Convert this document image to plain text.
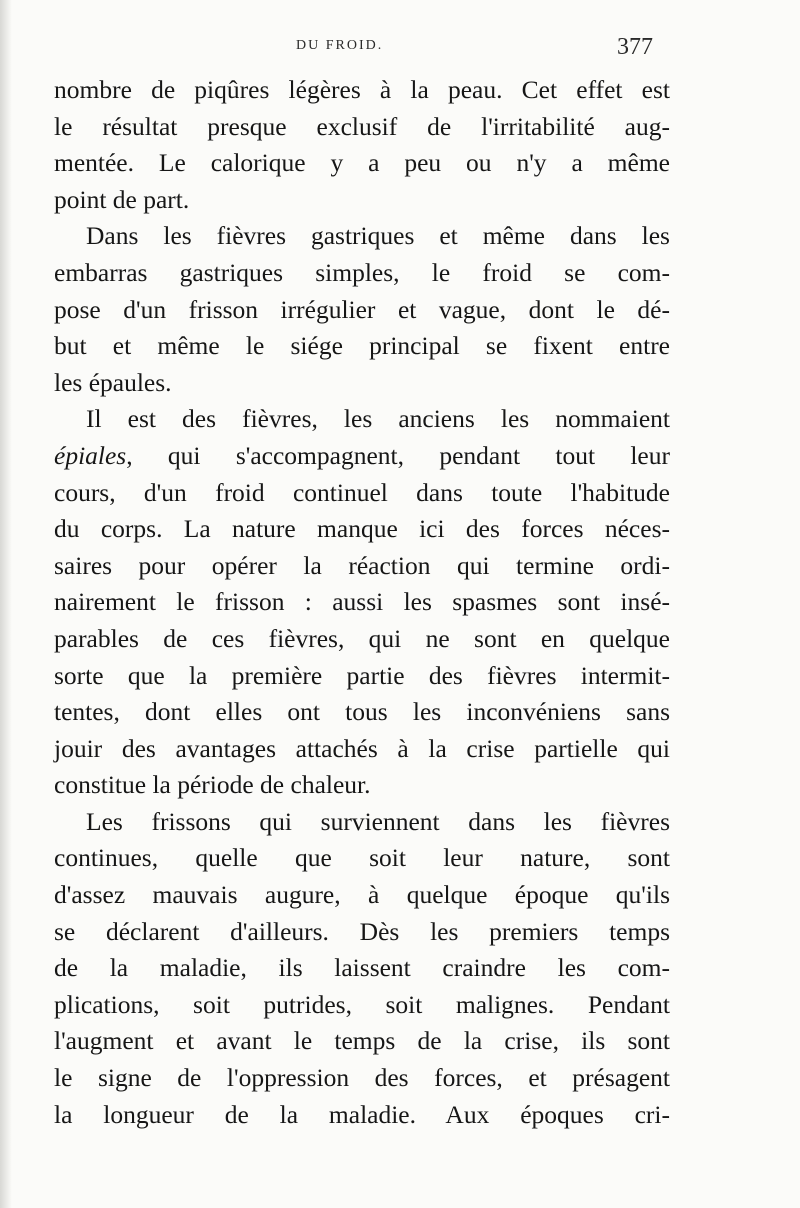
DU FROID.	377
nombre de piqûres légères à la peau. Cet effet est
le résultat presque exclusif de l'irritabilité aug-
mentée. Le calorique y a peu ou n'y a même
point de part.
Dans les fièvres gastriques et même dans les
embarras gastriques simples, le froid se com-
pose d'un frisson irrégulier et vague, dont le dé-
but et même le siége principal se fixent entre
les épaules.
Il est des fièvres, les anciens les nommaient
épiales, qui s'accompagnent, pendant tout leur
cours, d'un froid continuel dans toute l'habitude
du corps. La nature manque ici des forces néces-
saires pour opérer la réaction qui termine ordi-
nairement le frisson : aussi les spasmes sont insé-
parables de ces fièvres, qui ne sont en quelque
sorte que la première partie des fièvres intermit-
tentes, dont elles ont tous les inconvéniens sans
jouir des avantages attachés à la crise partielle qui
constitue la période de chaleur.
Les frissons qui surviennent dans les fièvres
continues, quelle que soit leur nature, sont
d'assez mauvais augure, à quelque époque qu'ils
se déclarent d'ailleurs. Dès les premiers temps
de la maladie, ils laissent craindre les com-
plications, soit putrides, soit malignes. Pendant
l'augment et avant le temps de la crise, ils sont
le signe de l'oppression des forces, et présagent
la longueur de la maladie. Aux époques cri-
